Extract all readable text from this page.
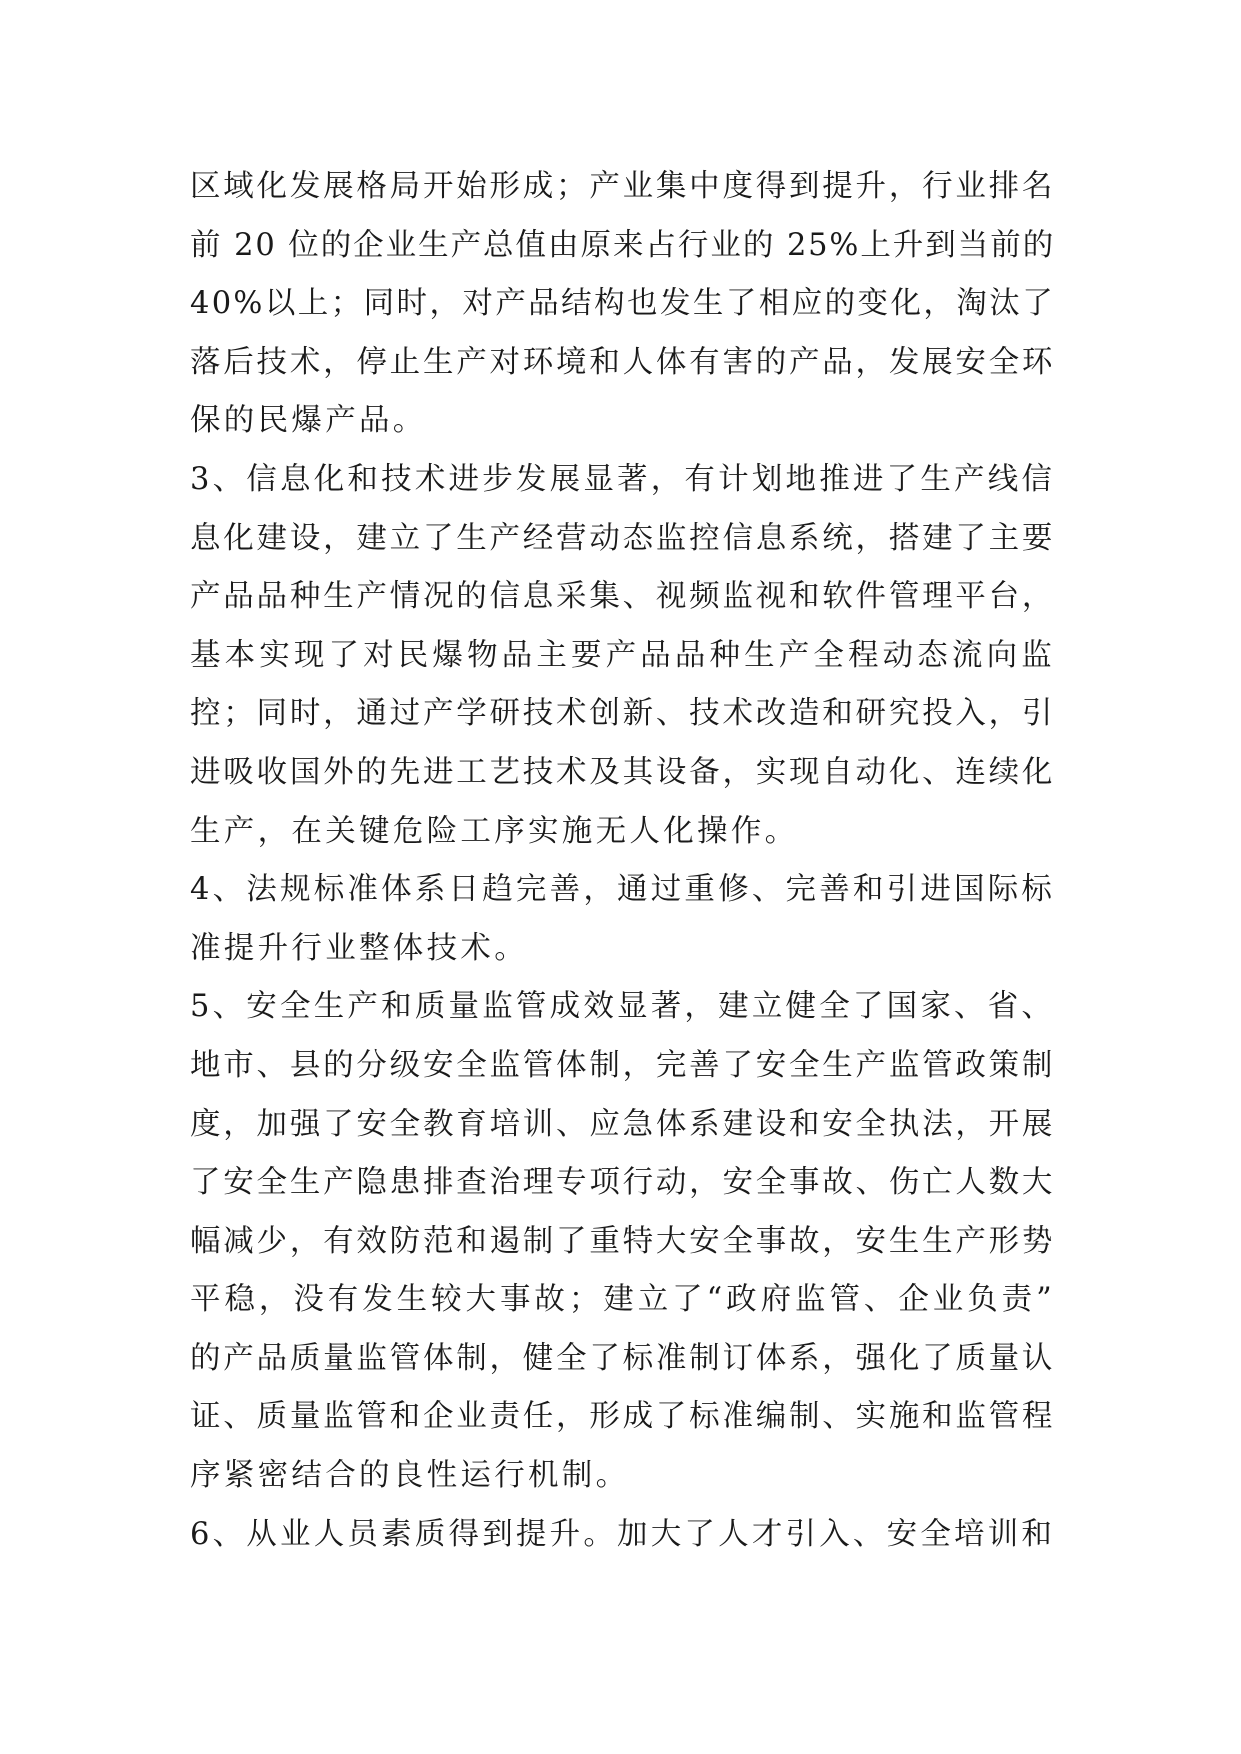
区域化发展格局开始形成；产业集中度得到提升，行业排名
前 20 位的企业生产总值由原来占行业的 25%上升到当前的
40%以上；同时，对产品结构也发生了相应的变化，淘汰了
落后技术，停止生产对环境和人体有害的产品，发展安全环
保的民爆产品。
3、信息化和技术进步发展显著，有计划地推进了生产线信
息化建设，建立了生产经营动态监控信息系统，搭建了主要
产品品种生产情况的信息采集、视频监视和软件管理平台，
基本实现了对民爆物品主要产品品种生产全程动态流向监
控；同时，通过产学研技术创新、技术改造和研究投入，引
进吸收国外的先进工艺技术及其设备，实现自动化、连续化
生产，在关键危险工序实施无人化操作。
4、法规标准体系日趋完善，通过重修、完善和引进国际标
准提升行业整体技术。
5、安全生产和质量监管成效显著，建立健全了国家、省、
地市、县的分级安全监管体制，完善了安全生产监管政策制
度，加强了安全教育培训、应急体系建设和安全执法，开展
了安全生产隐患排查治理专项行动，安全事故、伤亡人数大
幅减少，有效防范和遏制了重特大安全事故，安生生产形势
平稳，没有发生较大事故；建立了“政府监管、企业负责”
的产品质量监管体制，健全了标准制订体系，强化了质量认
证、质量监管和企业责任，形成了标准编制、实施和监管程
序紧密结合的良性运行机制。
6、从业人员素质得到提升。加大了人才引入、安全培训和
